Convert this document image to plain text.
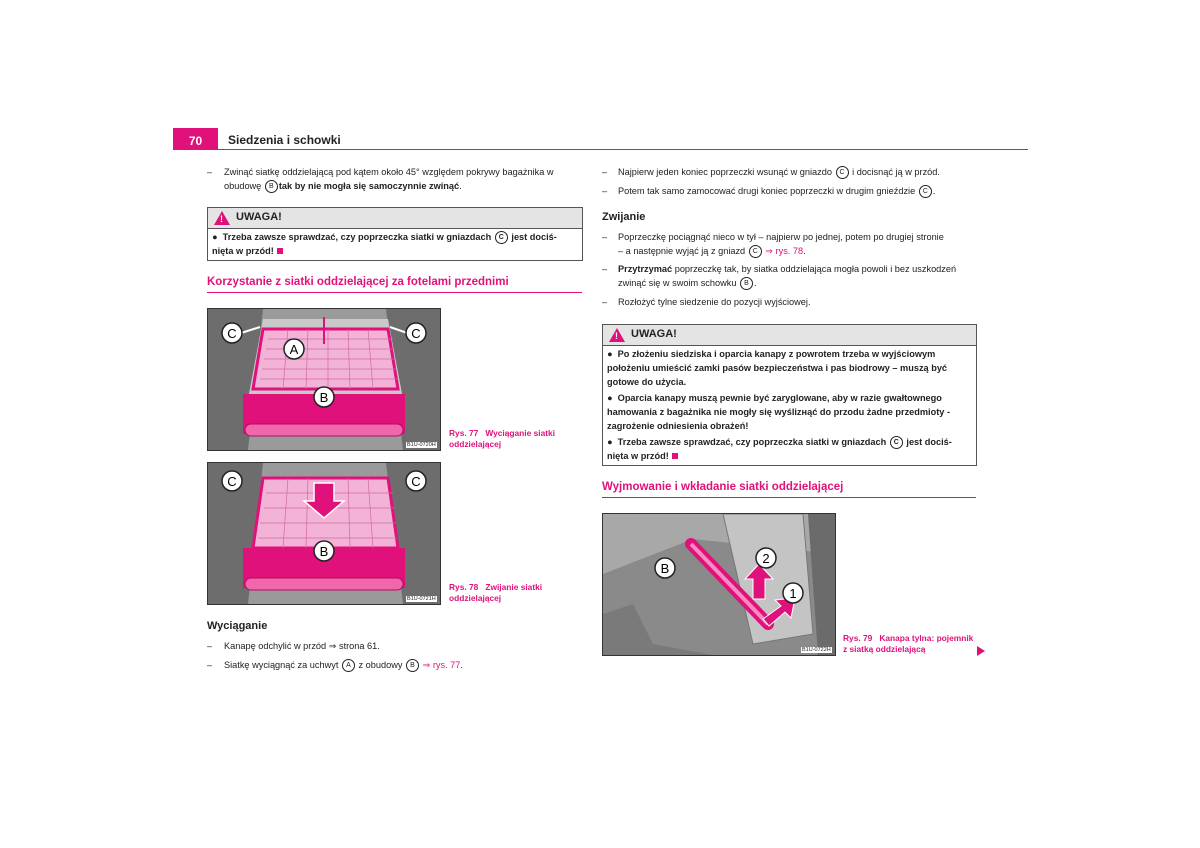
70	Siedzenia i schowki
–	Zwinąć siatkę oddzielającą pod kątem około 45° względem pokrywy bagażnika w obudowę B tak by nie mogła się samoczynnie zwinąć.
!
UWAGA!
● Trzeba zawsze sprawdzać, czy poprzeczka siatki w gniazdach C jest dociś-
nięta w przód!
Korzystanie z siatki oddzielającej za fotelami przednimi
C	C
A
B
B1U-0720H
Rys. 77 Wyciąganie siatki oddzielającej
C	C
B
B1U-0721H
Rys. 78 Zwijanie siatki oddzielającej
Wyciąganie
–	Kanapę odchylić w przód ⇒ strona 61.
–	Siatkę wyciągnąć za uchwyt A z obudowy B ⇒ rys. 77.
–	Najpierw jeden koniec poprzeczki wsunąć w gniazdo C i docisnąć ją w przód.
–	Potem tak samo zamocować drugi koniec poprzeczki w drugim gnieździe C .
Zwijanie
–	Poprzeczkę pociągnąć nieco w tył – najpierw po jednej, potem po drugiej stronie
– a następnie wyjąć ją z gniazd C ⇒ rys. 78.
–	Przytrzymać poprzeczkę tak, by siatka oddzielająca mogła powoli i bez uszkodzeń
zwinąć się w swoim schowku B .
–	Rozłożyć tylne siedzenie do pozycji wyjściowej.
!
UWAGA!
● Po złożeniu siedziska i oparcia kanapy z powrotem trzeba w wyjściowym położeniu umieścić zamki pasów bezpieczeństwa i pas biodrowy – muszą być gotowe do użycia.
● Oparcia kanapy muszą pewnie być zaryglowane, aby w razie gwałtownego hamowania z bagażnika nie mogły się wyślizнąć do przodu żadne przedmioty - zagrożenie odniesienia obrażeń!
● Trzeba zawsze sprawdzać, czy poprzeczka siatki w gniazdach C jest dociś-
nięta w przód!
Wyjmowanie i wkładanie siatki oddzielającej
B
2
1
B1U-0722H
Rys. 79 Kanapa tylna: pojemnik z siatką oddzielającą
